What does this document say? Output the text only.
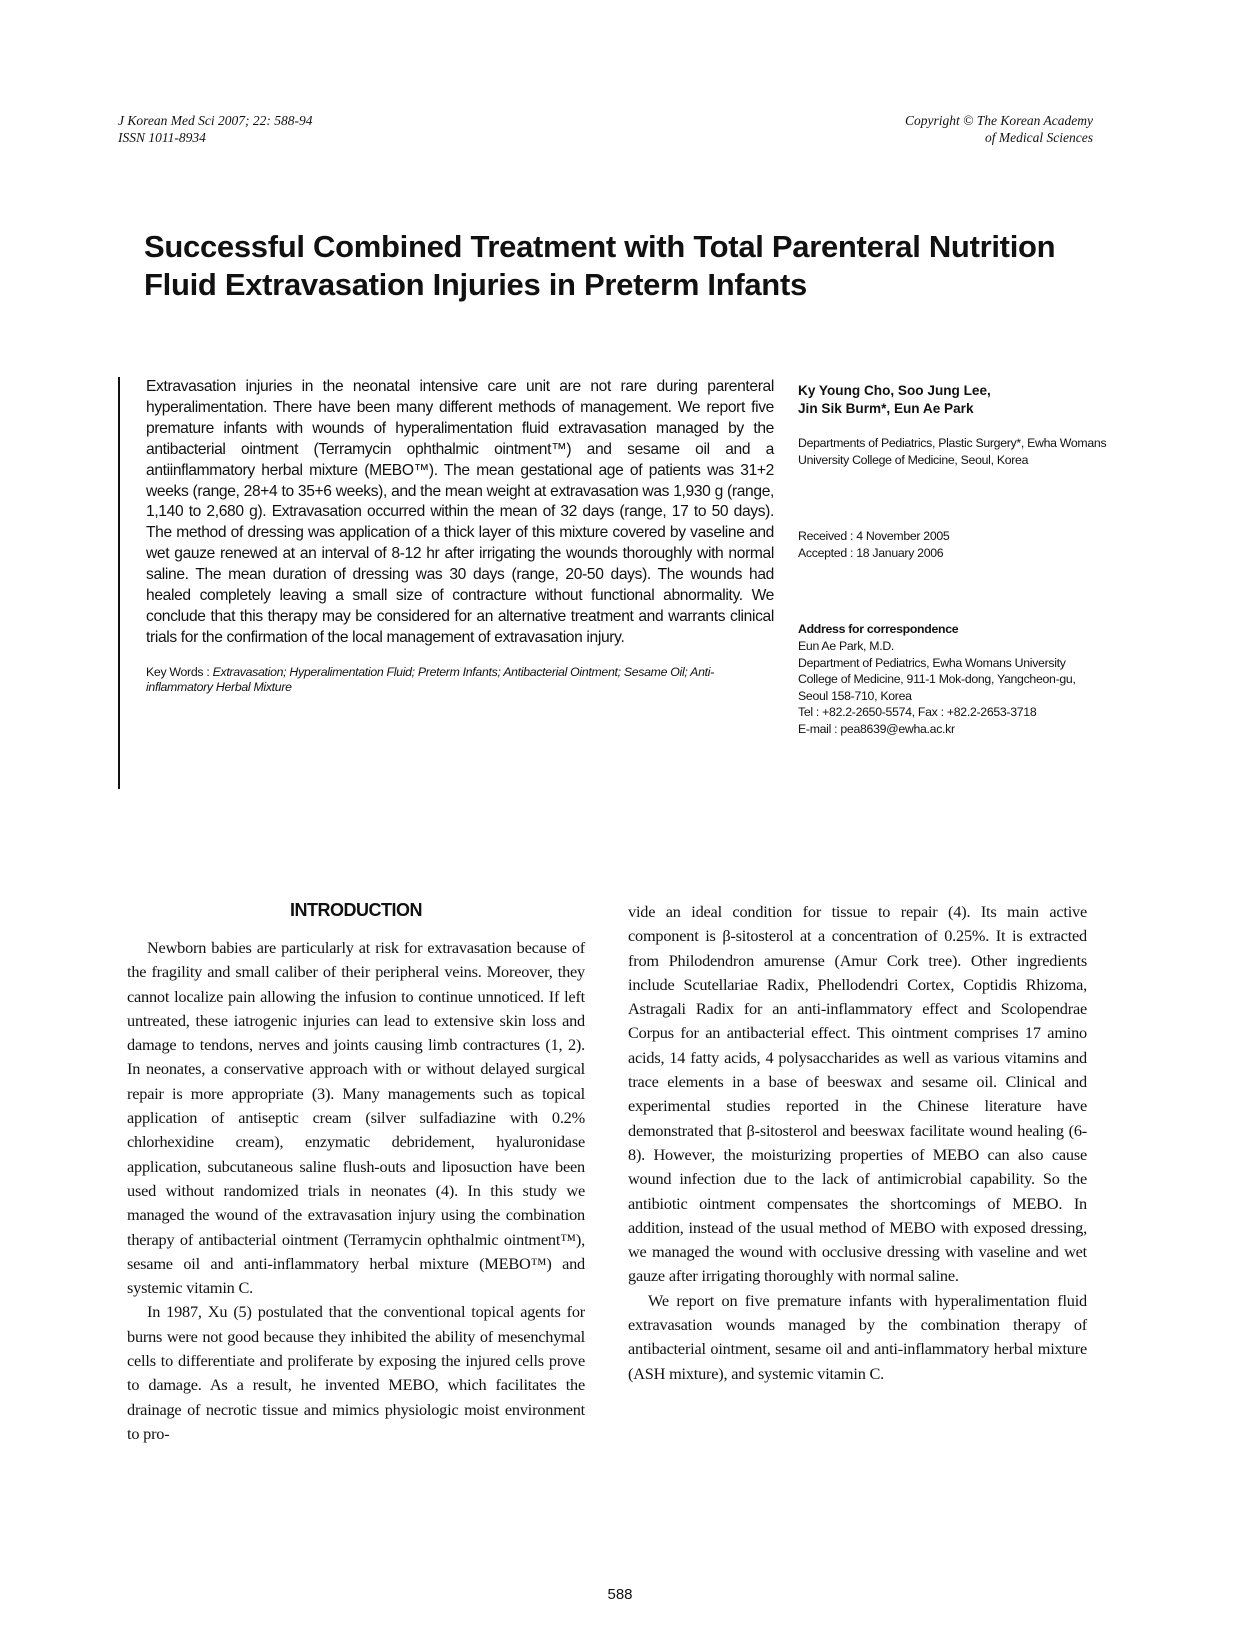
J Korean Med Sci 2007; 22: 588-94
ISSN 1011-8934
Copyright © The Korean Academy
of Medical Sciences
Successful Combined Treatment with Total Parenteral Nutrition Fluid Extravasation Injuries in Preterm Infants

Extravasation injuries in the neonatal intensive care unit are not rare during parenteral hyperalimentation. There have been many different methods of management. We report five premature infants with wounds of hyperalimentation fluid extravasation managed by the antibacterial ointment (Terramycin ophthalmic ointment™) and sesame oil and a antiinflammatory herbal mixture (MEBO™). The mean gestational age of patients was 31+2 weeks (range, 28+4 to 35+6 weeks), and the mean weight at extravasation was 1,930 g (range, 1,140 to 2,680 g). Extravasation occurred within the mean of 32 days (range, 17 to 50 days). The method of dressing was application of a thick layer of this mixture covered by vaseline and wet gauze renewed at an interval of 8-12 hr after irrigating the wounds thoroughly with normal saline. The mean duration of dressing was 30 days (range, 20-50 days). The wounds had healed completely leaving a small size of contracture without functional abnormality. We conclude that this therapy may be considered for an alternative treatment and warrants clinical trials for the confirmation of the local management of extravasation injury.

Key Words : Extravasation; Hyperalimentation Fluid; Preterm Infants; Antibacterial Ointment; Sesame Oil; Anti-inflammatory Herbal Mixture

Ky Young Cho, Soo Jung Lee,
Jin Sik Burm*, Eun Ae Park

Departments of Pediatrics, Plastic Surgery*, Ewha Womans University College of Medicine, Seoul, Korea

Received : 4 November 2005
Accepted : 18 January 2006

Address for correspondence

Eun Ae Park, M.D.
Department of Pediatrics, Ewha Womans University
College of Medicine, 911-1 Mok-dong, Yangcheon-gu,
Seoul 158-710, Korea
Tel : +82.2-2650-5574, Fax : +82.2-2653-3718
E-mail : pea8639@ewha.ac.kr
INTRODUCTION

Newborn babies are particularly at risk for extravasation because of the fragility and small caliber of their peripheral veins. Moreover, they cannot localize pain allowing the infusion to continue unnoticed. If left untreated, these iatrogenic injuries can lead to extensive skin loss and damage to tendons, nerves and joints causing limb contractures (1, 2). In neonates, a conservative approach with or without delayed surgical repair is more appropriate (3). Many managements such as topical application of antiseptic cream (silver sulfadiazine with 0.2% chlorhexidine cream), enzymatic debridement, hyaluronidase application, subcutaneous saline flush-outs and liposuction have been used without randomized trials in neonates (4). In this study we managed the wound of the extravasation injury using the combination therapy of antibacterial ointment (Terramycin ophthalmic ointment™), sesame oil and anti-inflammatory herbal mixture (MEBO™) and systemic vitamin C.

In 1987, Xu (5) postulated that the conventional topical agents for burns were not good because they inhibited the ability of mesenchymal cells to differentiate and proliferate by exposing the injured cells prove to damage. As a result, he invented MEBO, which facilitates the drainage of necrotic tissue and mimics physiologic moist environment to pro-

vide an ideal condition for tissue to repair (4). Its main active component is β-sitosterol at a concentration of 0.25%. It is extracted from Philodendron amurense (Amur Cork tree). Other ingredients include Scutellariae Radix, Phellodendri Cortex, Coptidis Rhizoma, Astragali Radix for an anti-inflammatory effect and Scolopendrae Corpus for an antibacterial effect. This ointment comprises 17 amino acids, 14 fatty acids, 4 polysaccharides as well as various vitamins and trace elements in a base of beeswax and sesame oil. Clinical and experimental studies reported in the Chinese literature have demonstrated that β-sitosterol and beeswax facilitate wound healing (6-8). However, the moisturizing properties of MEBO can also cause wound infection due to the lack of antimicrobial capability. So the antibiotic ointment compensates the shortcomings of MEBO. In addition, instead of the usual method of MEBO with exposed dressing, we managed the wound with occlusive dressing with vaseline and wet gauze after irrigating thoroughly with normal saline.

We report on five premature infants with hyperalimentation fluid extravasation wounds managed by the combination therapy of antibacterial ointment, sesame oil and anti-inflammatory herbal mixture (ASH mixture), and systemic vitamin C.

588
